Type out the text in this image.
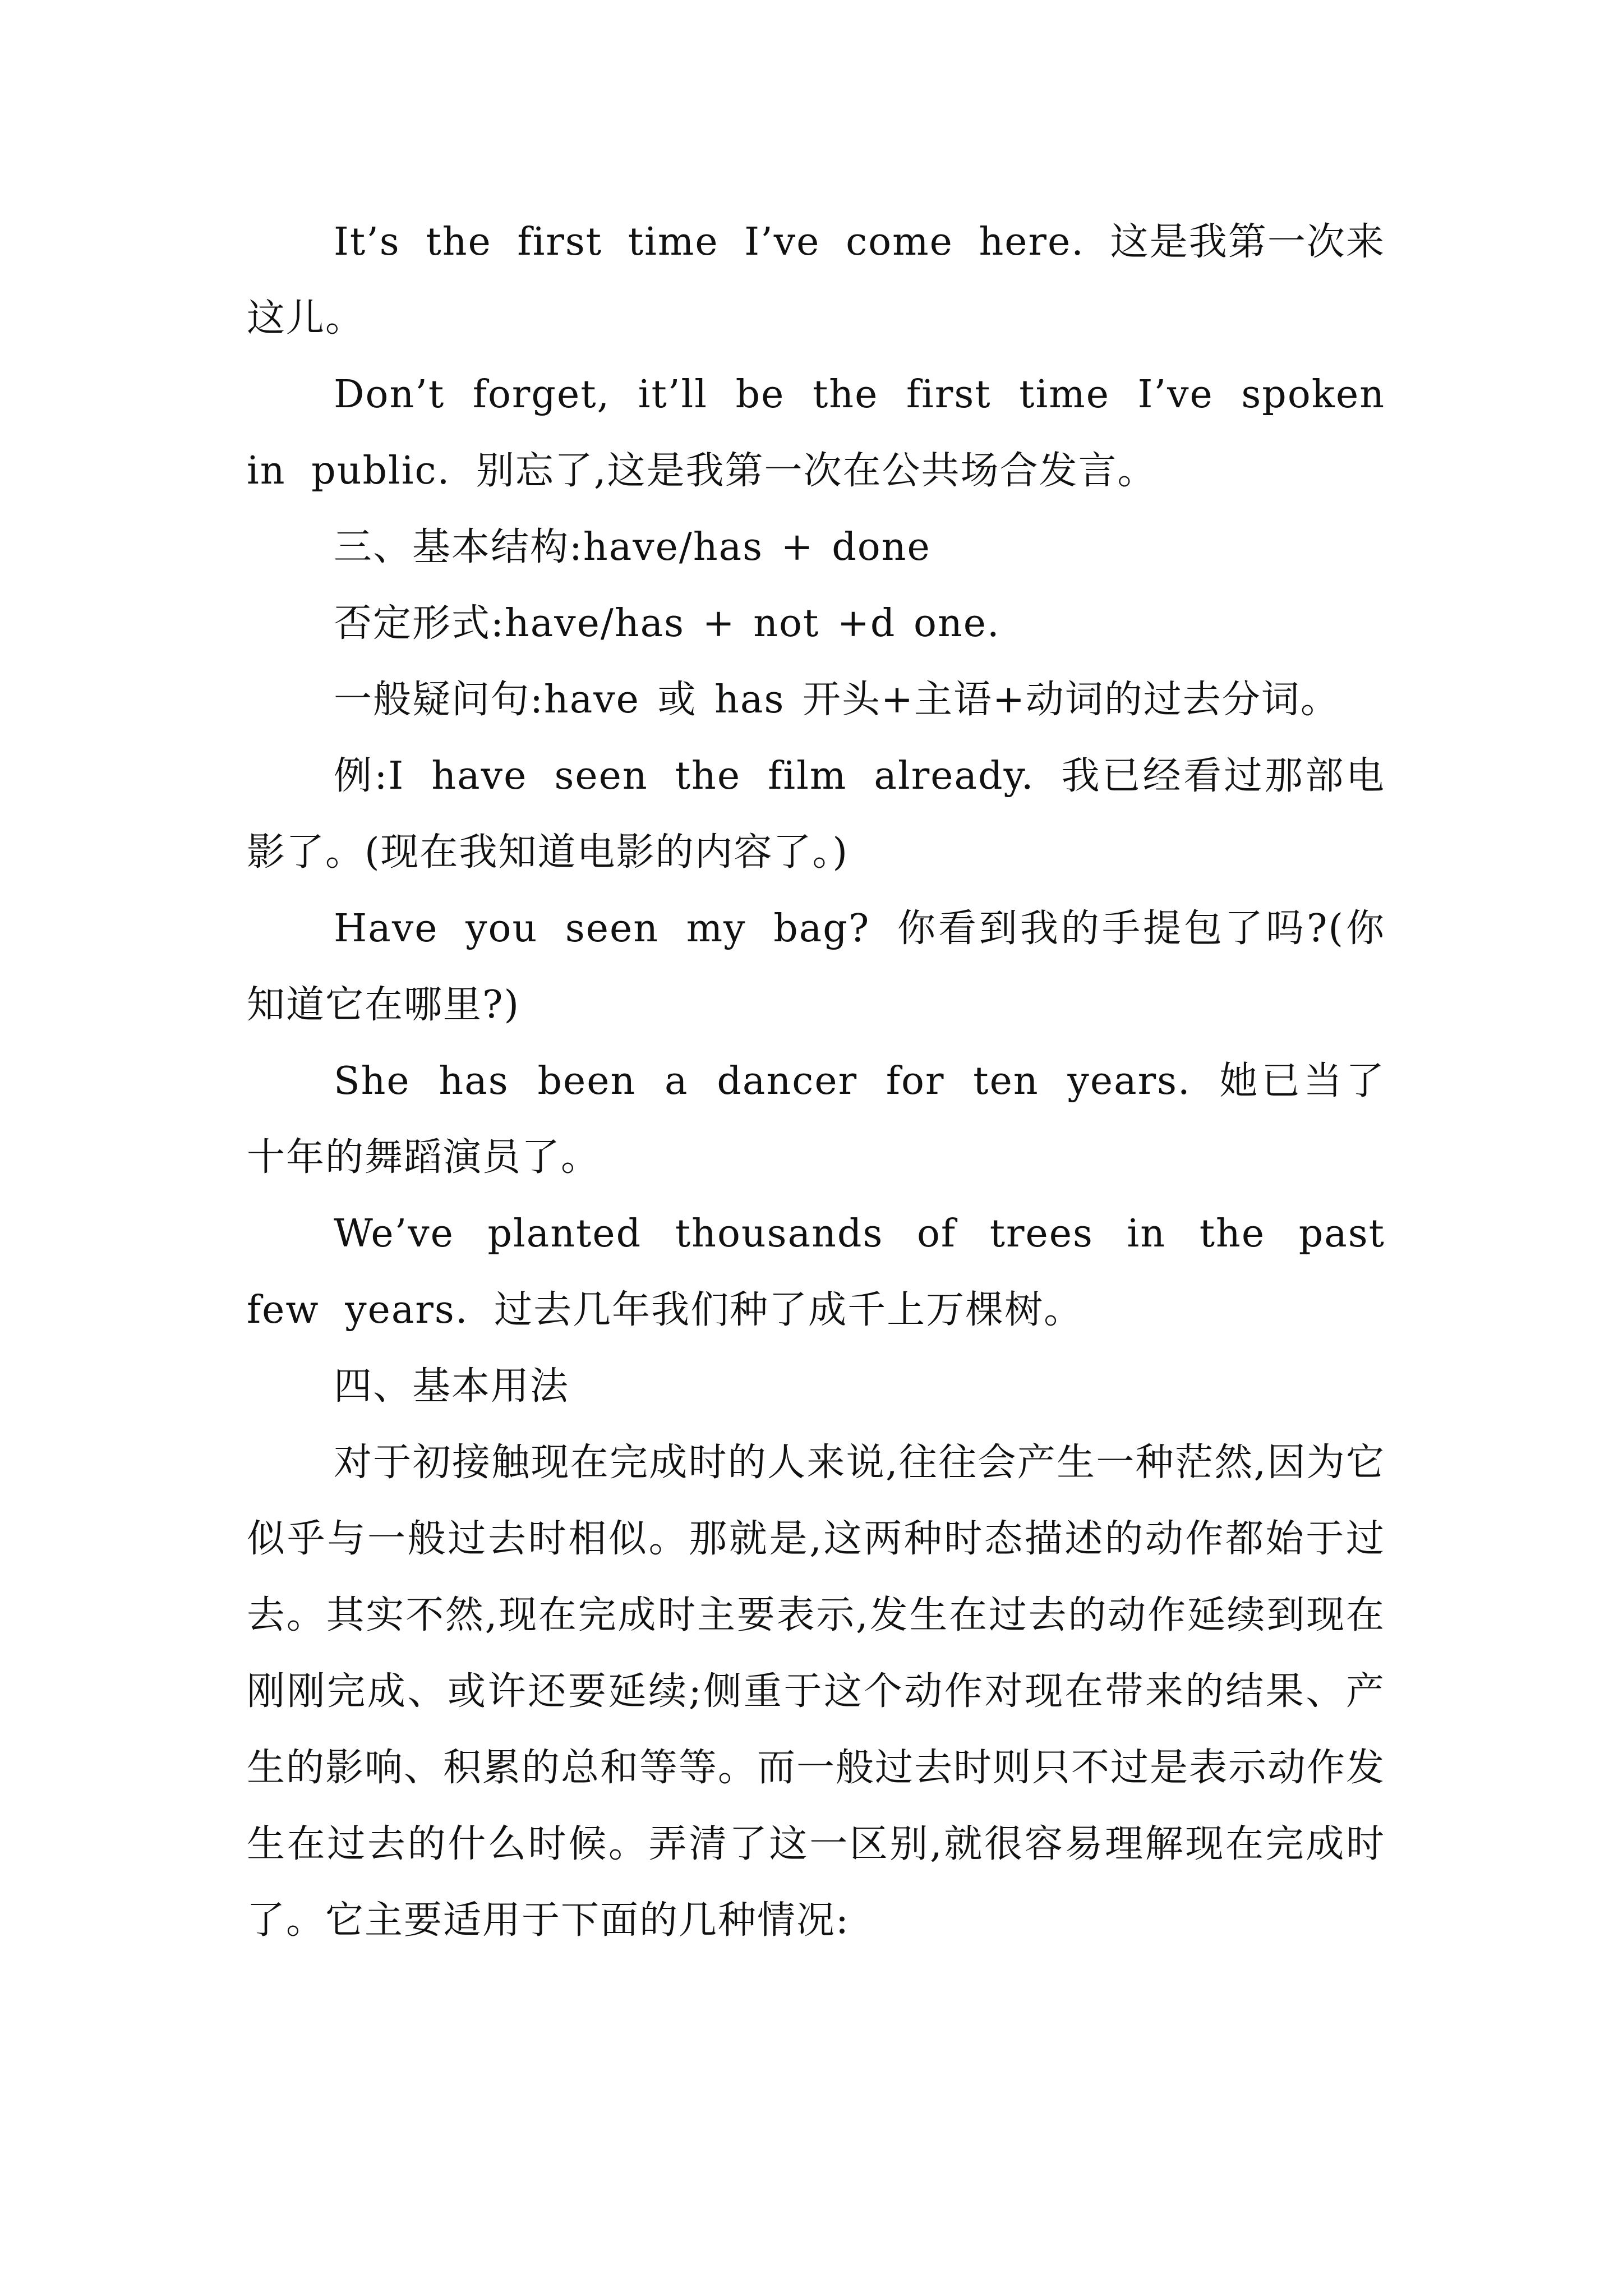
It’s the first time I’ve come here. 这是我第一次来这儿。

Don’t forget, it’ll be the first time I’ve spoken in public. 别忘了,这是我第一次在公共场合发言。

三、基本结构:have/has + done

否定形式:have/has + not +d one.

一般疑问句:have 或 has 开头+主语+动词的过去分词。

例:I have seen the film already. 我已经看过那部电影了。(现在我知道电影的内容了。)

Have you seen my bag? 你看到我的手提包了吗?(你知道它在哪里?)

She has been a dancer for ten years. 她已当了十年的舞蹈演员了。

We’ve planted thousands of trees in the past few years. 过去几年我们种了成千上万棵树。

四、基本用法

对于初接触现在完成时的人来说,往往会产生一种茫然,因为它似乎与一般过去时相似。那就是,这两种时态描述的动作都始于过去。其实不然,现在完成时主要表示,发生在过去的动作延续到现在刚刚完成、或许还要延续;侧重于这个动作对现在带来的结果、产生的影响、积累的总和等等。而一般过去时则只不过是表示动作发生在过去的什么时候。弄清了这一区别,就很容易理解现在完成时了。它主要适用于下面的几种情况:
